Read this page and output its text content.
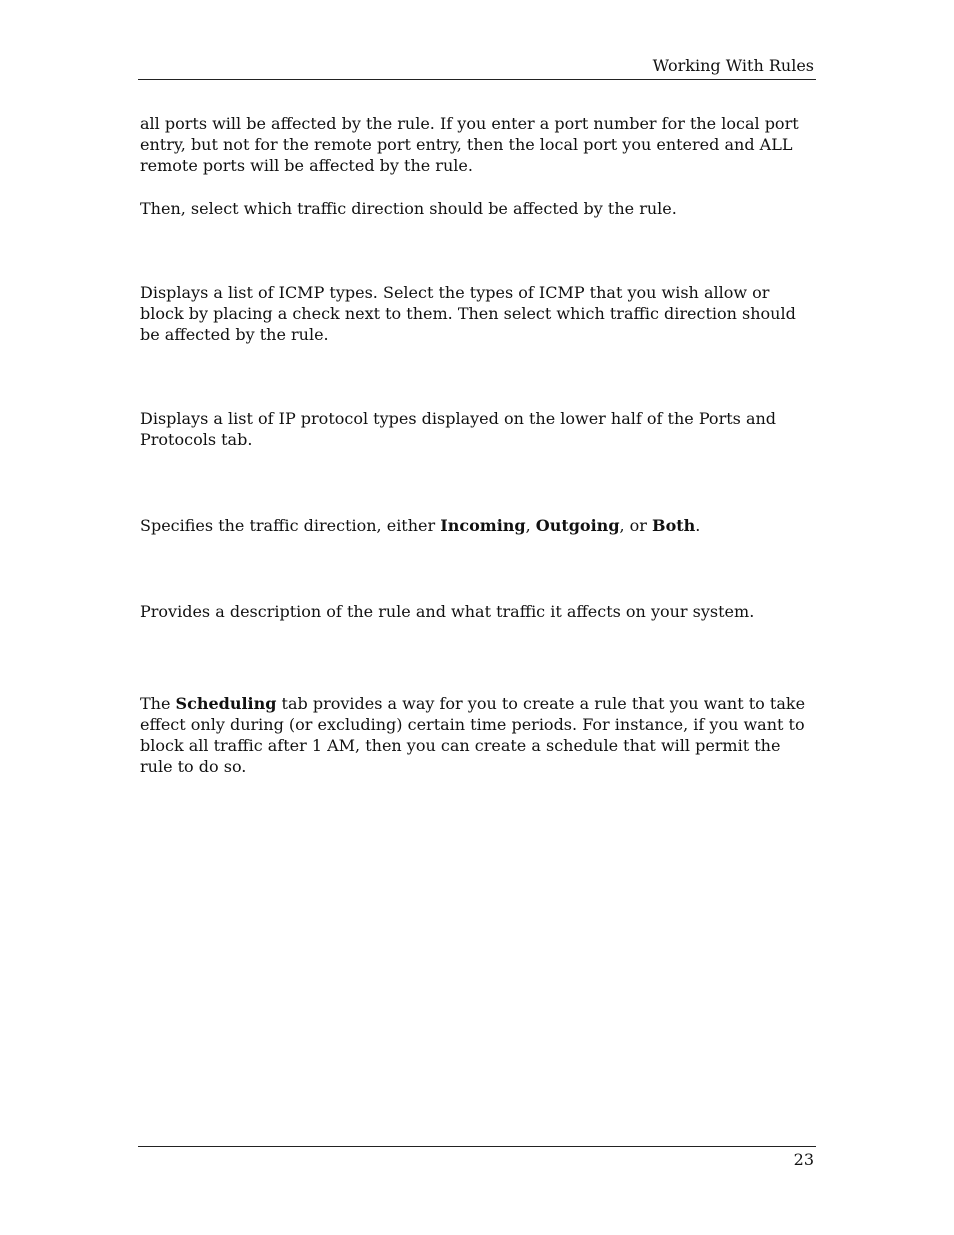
Working With Rules

all ports will be affected by the rule. If you enter a port number for the local port entry, but not for the remote port entry, then the local port you entered and ALL remote ports will be affected by the rule.

Then, select which traffic direction should be affected by the rule.

Displays a list of ICMP types. Select the types of ICMP that you wish allow or block by placing a check next to them. Then select which traffic direction should be affected by the rule.

Displays a list of IP protocol types displayed on the lower half of the Ports and Protocols tab.

Specifies the traffic direction, either Incoming, Outgoing, or Both.

Provides a description of the rule and what traffic it affects on your system.

The Scheduling tab provides a way for you to create a rule that you want to take effect only during (or excluding) certain time periods. For instance, if you want to block all traffic after 1 AM, then you can create a schedule that will permit the rule to do so.

23
